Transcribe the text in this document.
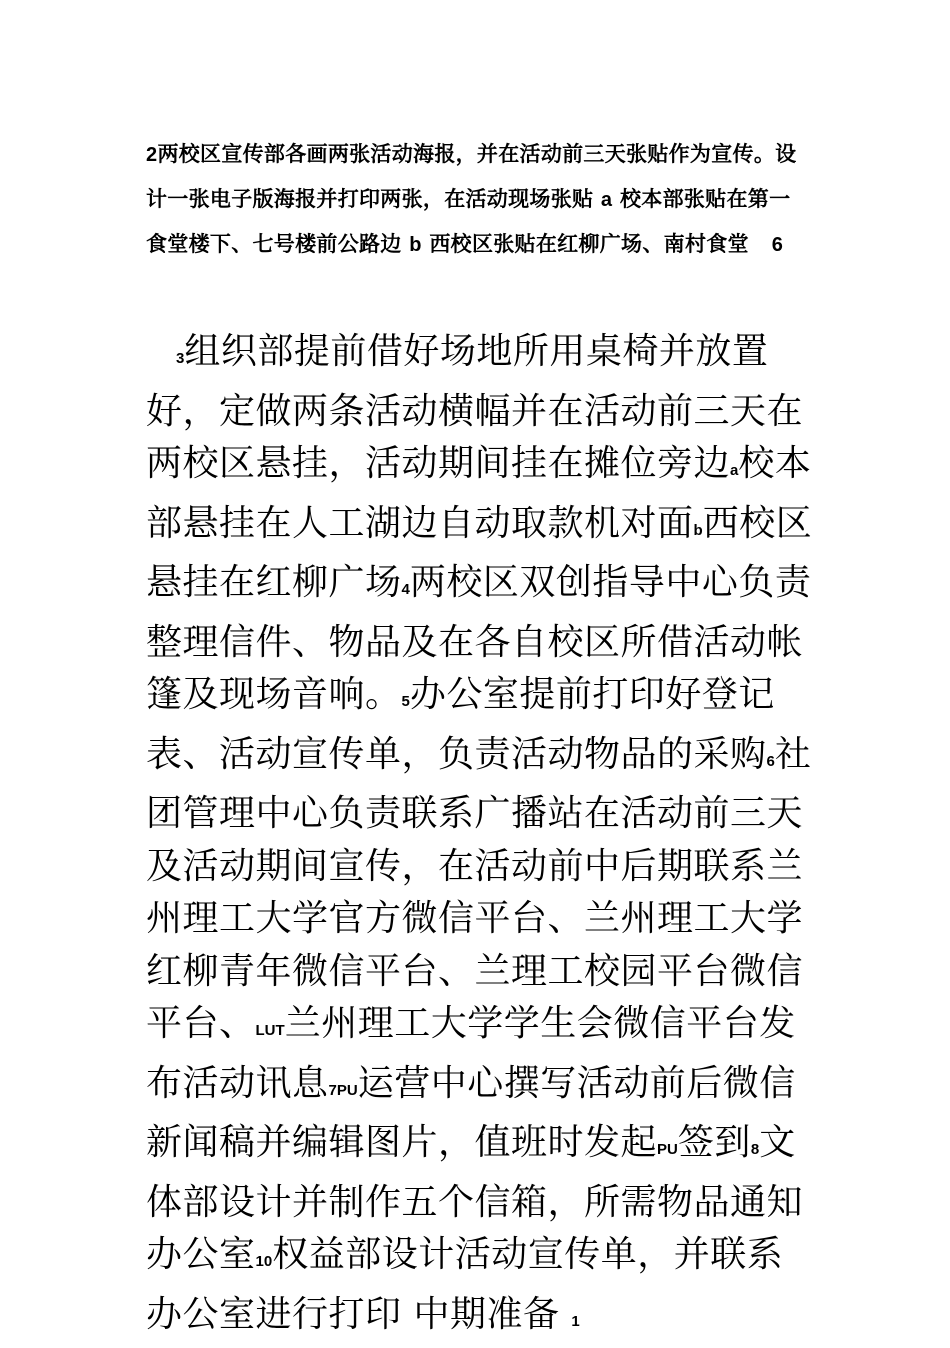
2两校区宣传部各画两张活动海报，并在活动前三天张贴作为宣传。设计一张电子版海报并打印两张，在活动现场张贴 a 校本部张贴在第一食堂楼下、七号楼前公路边 b 西校区张贴在红柳广场、南村食堂 6

3组织部提前借好场地所用桌椅并放置好，定做两条活动横幅并在活动前三天在两校区悬挂，活动期间挂在摊位旁边a校本部悬挂在人工湖边自动取款机对面b西校区悬挂在红柳广场4两校区双创指导中心负责整理信件、物品及在各自校区所借活动帐篷及现场音响。5办公室提前打印好登记表、活动宣传单，负责活动物品的采购6社团管理中心负责联系广播站在活动前三天及活动期间宣传，在活动前中后期联系兰州理工大学官方微信平台、兰州理工大学红柳青年微信平台、兰理工校园平台微信平台、LUT兰州理工大学学生会微信平台发布活动讯息7PU运营中心撰写活动前后微信新闻稿并编辑图片，值班时发起PU签到8文体部设计并制作五个信箱，所需物品通知办公室10权益部设计活动宣传单，并联系办公室进行打印 中期准备 1
